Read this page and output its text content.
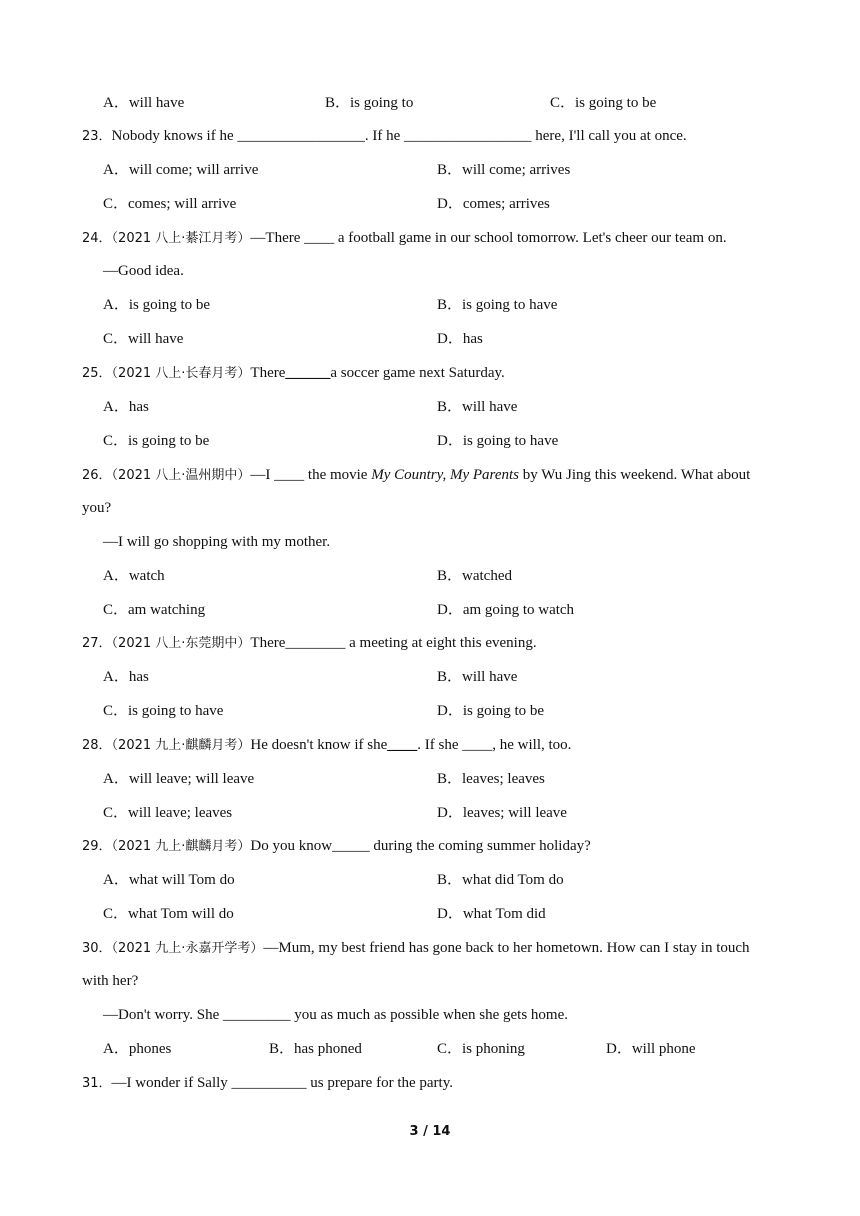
A．will have	B．is going to	C．is going to be
23．Nobody knows if he _________________. If he _________________ here, I'll call you at once.
A．will come; will arrive	B．will come; arrives
C．comes; will arrive	D．comes; arrives
24．（2021 八上·綦江月考）—There ____ a football game in our school tomorrow. Let's cheer our team on.
—Good idea.
A．is going to be	B．is going to have
C．will have	D．has
25．（2021 八上·长春月考）There______a soccer game next Saturday.
A．has	B．will have
C．is going to be	D．is going to have
26．（2021 八上·温州期中）—I ____ the movie My Country, My Parents by Wu Jing this weekend. What about
you?
—I will go shopping with my mother.
A．watch	B．watched
C．am watching	D．am going to watch
27．（2021 八上·东莞期中）There________ a meeting at eight this evening.
A．has	B．will have
C．is going to have	D．is going to be
28．（2021 九上·麒麟月考）He doesn't know if she____. If she ____, he will, too.
A．will leave; will leave	B．leaves; leaves
C．will leave; leaves	D．leaves; will leave
29．（2021 九上·麒麟月考）Do you know_____ during the coming summer holiday?
A．what will Tom do	B．what did Tom do
C．what Tom will do	D．what Tom did
30．（2021 九上·永嘉开学考）—Mum, my best friend has gone back to her hometown. How can I stay in touch
with her?
—Don't worry. She _________ you as much as possible when she gets home.
A．phones	B．has phoned	C．is phoning	D．will phone
31．—I wonder if Sally __________ us prepare for the party.
3 / 14
